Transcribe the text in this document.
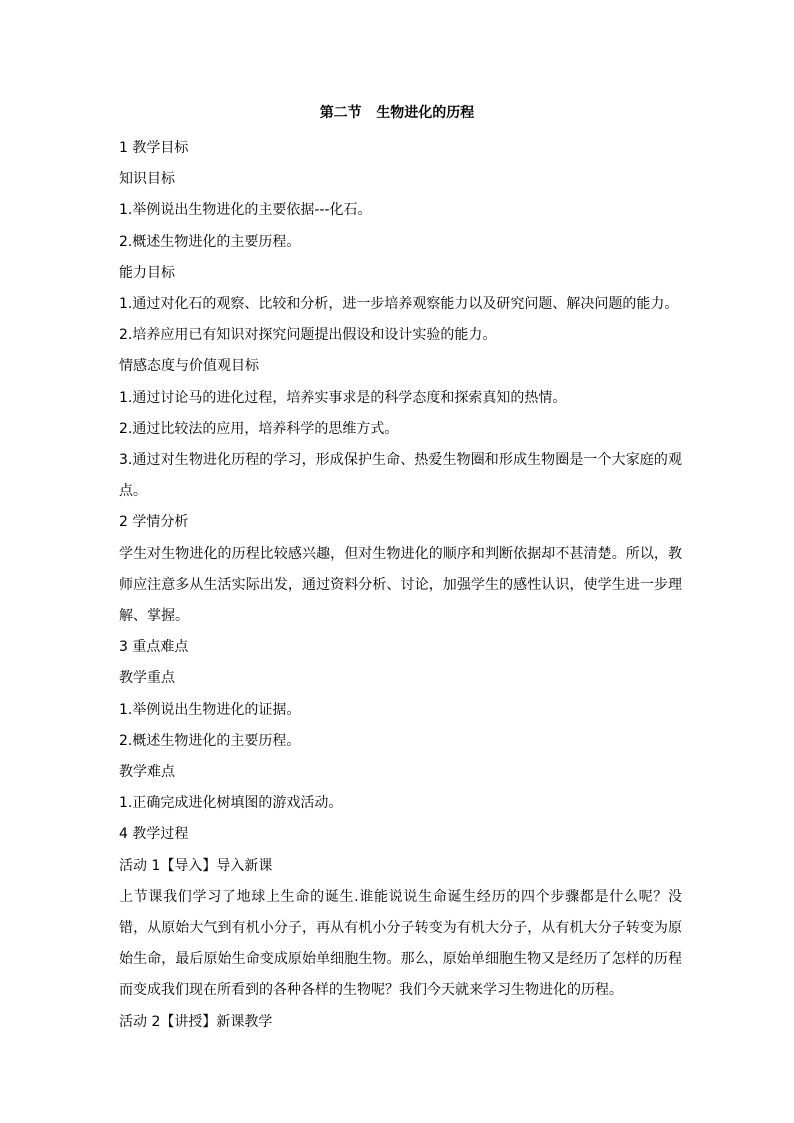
第二节   生物进化的历程

1 教学目标

知识目标

1.举例说出生物进化的主要依据---化石。

2.概述生物进化的主要历程。

能力目标

1.通过对化石的观察、比较和分析，进一步培养观察能力以及研究问题、解决问题的能力。

2.培养应用已有知识对探究问题提出假设和设计实验的能力。

情感态度与价值观目标

1.通过讨论马的进化过程，培养实事求是的科学态度和探索真知的热情。

2.通过比较法的应用，培养科学的思维方式。

3.通过对生物进化历程的学习，形成保护生命、热爱生物圈和形成生物圈是一个大家庭的观点。

2 学情分析

学生对生物进化的历程比较感兴趣，但对生物进化的顺序和判断依据却不甚清楚。所以，教师应注意多从生活实际出发，通过资料分析、讨论，加强学生的感性认识，使学生进一步理解、掌握。

3 重点难点

教学重点

1.举例说出生物进化的证据。

2.概述生物进化的主要历程。

教学难点

1.正确完成进化树填图的游戏活动。

4 教学过程

活动 1【导入】导入新课

上节课我们学习了地球上生命的诞生.谁能说说生命诞生经历的四个步骤都是什么呢？没错，从原始大气到有机小分子，再从有机小分子转变为有机大分子，从有机大分子转变为原始生命，最后原始生命变成原始单细胞生物。那么，原始单细胞生物又是经历了怎样的历程而变成我们现在所看到的各种各样的生物呢？我们今天就来学习生物进化的历程。

活动 2【讲授】新课教学
